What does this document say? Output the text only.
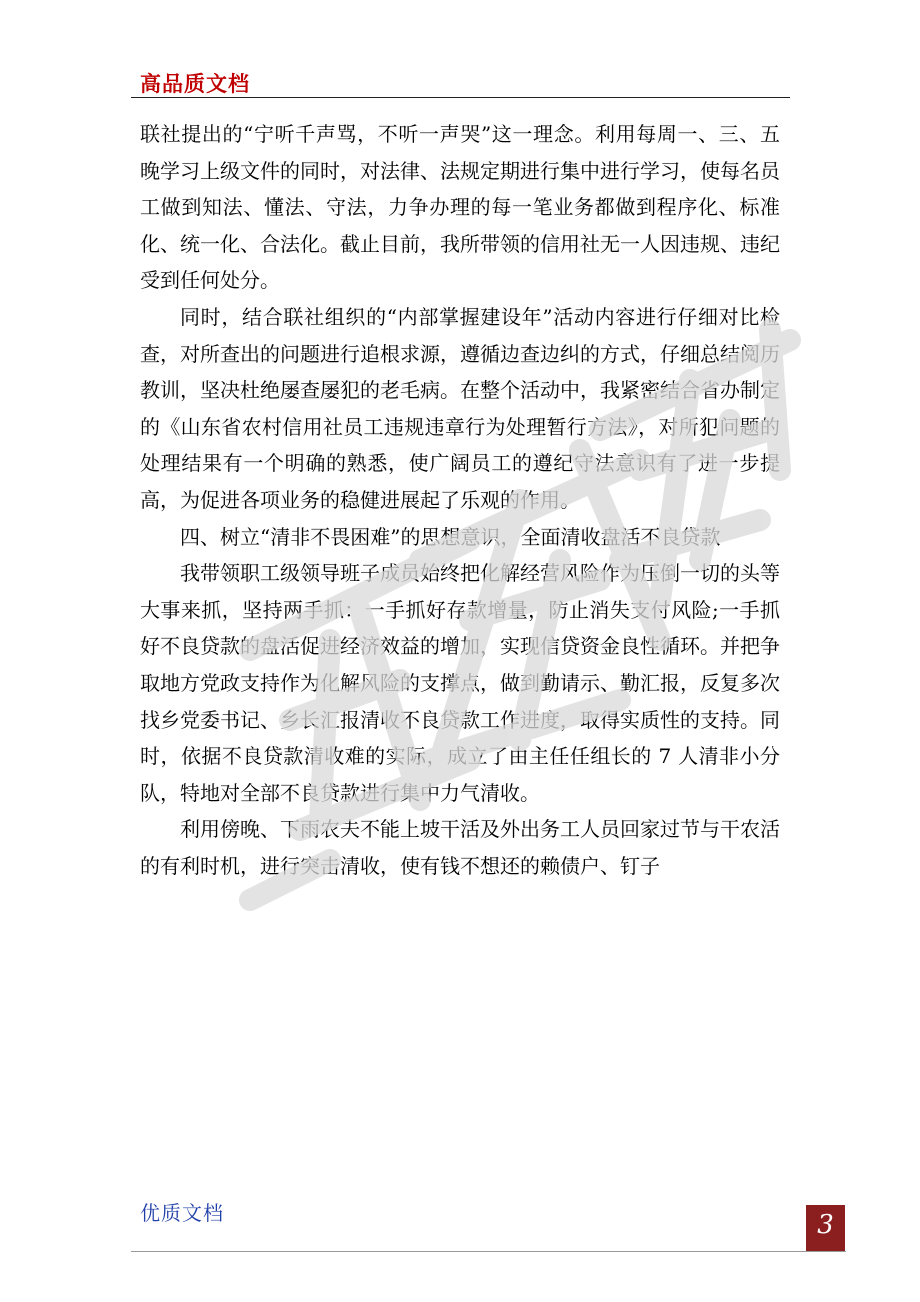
高品质文档

联社提出的“宁听千声骂，不听一声哭”这一理念。利用每周一、三、五晚学习上级文件的同时，对法律、法规定期进行集中进行学习，使每名员工做到知法、懂法、守法，力争办理的每一笔业务都做到程序化、标准化、统一化、合法化。截止目前，我所带领的信用社无一人因违规、违纪受到任何处分。

同时，结合联社组织的“内部掌握建设年”活动内容进行仔细对比检查，对所查出的问题进行追根求源，遵循边查边纠的方式，仔细总结阅历教训，坚决杜绝屡查屡犯的老毛病。在整个活动中，我紧密结合省办制定的《山东省农村信用社员工违规违章行为处理暂行方法》，对所犯问题的处理结果有一个明确的熟悉，使广阔员工的遵纪守法意识有了进一步提高，为促进各项业务的稳健进展起了乐观的作用。

四、树立“清非不畏困难”的思想意识，全面清收盘活不良贷款

我带领职工级领导班子成员始终把化解经营风险作为压倒一切的头等大事来抓，坚持两手抓：一手抓好存款增量，防止消失支付风险;一手抓好不良贷款的盘活促进经济效益的增加，实现信贷资金良性循环。并把争取地方党政支持作为化解风险的支撑点，做到勤请示、勤汇报，反复多次找乡党委书记、乡长汇报清收不良贷款工作进度，取得实质性的支持。同时，依据不良贷款清收难的实际，成立了由主任任组长的 7 人清非小分队，特地对全部不良贷款进行集中力气清收。

利用傍晚、下雨农夫不能上坡干活及外出务工人员回家过节与干农活的有利时机，进行突击清收，使有钱不想还的赖债户、钉子

优质文档	3
